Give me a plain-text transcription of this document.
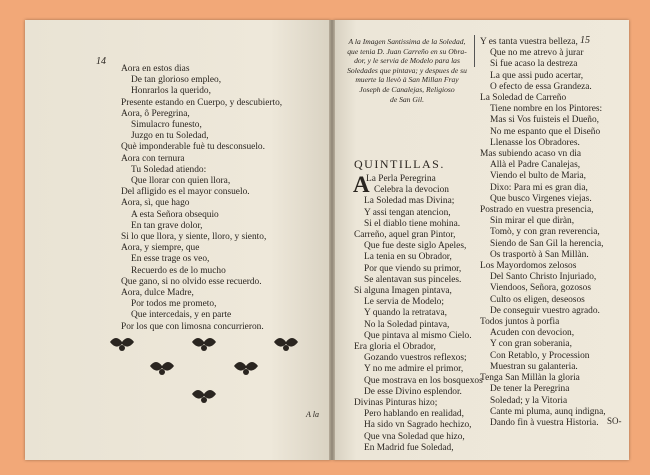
14
Aora en estos dias
De tan glorioso empleo,
Honrarlos la querido,
Presente estando en Cuerpo, y descubierto,
Aora, ô Peregrina,
Simulacro funesto,
Juzgo en tu Soledad,
Què imponderable fuè tu desconsuelo.
Aora con ternura
Tu Soledad atiendo:
Que llorar con quien llora,
Del afligido es el mayor consuelo.
Aora, sì, que hago
A esta Señora obsequio
En tan grave dolor,
Si lo que llora, y siente, lloro, y siento,
Aora, y siempre, que
En esse trage os veo,
Recuerdo es de lo mucho
Que gano, si no olvido esse recuerdo.
Aora, dulce Madre,
Por todos me prometo,
Que intercedais, y en parte
Por los que con limosna concurrieron.
A la
15
A la Imagen Santissima de la Soledad,
que tenia D. Juan Carreño en su Obra-
dor, y le servia de Modelo para las
Soledades que pintava; y despues de su
muerte la llevò à San Millan Fray
Joseph de Canalejas, Religioso
de San Gil.
QUINTILLAS.
A
La Perla Peregrina
Celebra la devocion
La Soledad mas Divina;
Y assi tengan atencion,
Si el diablo tiene mohina.
Carreño, aquel gran Pintor,
Que fue deste siglo Apeles,
La tenia en su Obrador,
Por que viendo su primor,
Se alentavan sus pinceles.
Si alguna Imagen pintava,
Le servia de Modelo;
Y quando la retratava,
No la Soledad pintava,
Que pintava al mismo Cielo.
Era gloria el Obrador,
Gozando vuestros reflexos;
Y no me admire el primor,
Que mostrava en los bosquexos
De esse Divino esplendor.
Divinas Pinturas hizo;
Pero hablando en realidad,
Ha sido vn Sagrado hechizo,
Que vna Soledad que hizo,
En Madrid fue Soledad,
Y es tanta vuestra belleza,
Que no me atrevo à jurar
Si fue acaso la destreza
La que assi pudo acertar,
O efecto de essa Grandeza.
La Soledad de Carreño
Tiene nombre en los Pintores:
Mas si Vos fuisteis el Dueño,
No me espanto que el Diseño
Llenasse los Obradores.
Mas subiendo acaso vn dia
Allà el Padre Canalejas,
Viendo el bulto de Maria,
Dixo: Para mi es gran dia,
Que busco Virgenes viejas.
Postrado en vuestra presencia,
Sin mirar el que diràn,
Tomò, y con gran reverencia,
Siendo de San Gil la herencia,
Os trasportò à San Millàn.
Los Mayordomos zelosos
Del Santo Christo Injuriado,
Viendoos, Señora, gozosos
Culto os eligen, deseosos
De conseguir vuestro agrado.
Todos juntos à porfia
Acuden con devocion,
Y con gran soberania,
Con Retablo, y Procession
Muestran su galanteria.
Tenga San Millàn la gloria
De tener la Peregrina
Soledad; y la Vitoria
Cante mi pluma, aunq indigna,
Dando fin à vuestra Historia. SO-
